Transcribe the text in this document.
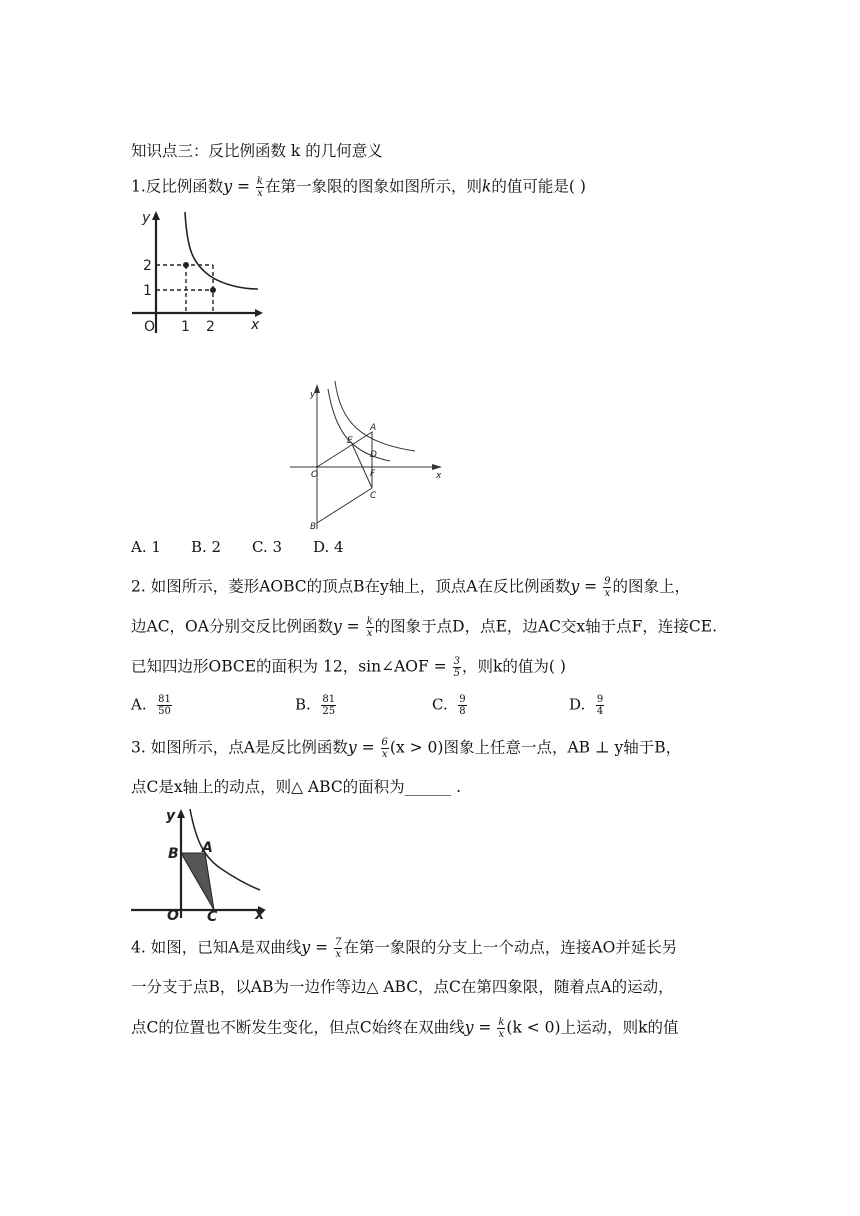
知识点三：反比例函数 k 的几何意义
1.反比例函数$y = \frac{k}{x}$ 在第一象限的图象如图所示，则k的值可能是( )
y
x
O
2
1
1 2
y
x
O
A
B
C
D
E
F
A. 1 B. 2 C. 3 D. 4
2. 如图所示，菱形AOBC的顶点B在y轴上，顶点A在反比例函数$y = \frac{9}{x}$ 的图象上，
边AC，OA分别交反比例函数$y = \frac{k}{x}$ 的图象于点D，点E，边AC交x轴于点F，连接CE.
已知四边形OBCE的面积为 12，sin∠AOF = $\frac{3}{5}$ ，则k的值为( )
A. $\frac{81}{50}$	B. $\frac{81}{25}$	C. $\frac{9}{8}$	D. $\frac{9}{4}$
3. 如图所示，点A是反比例函数$y = \frac{6}{x} (x > 0)$图象上任意一点，AB ⊥ y轴于B，
点C是x轴上的动点，则△ ABC的面积为______ .
y
x
O
B A
C
4. 如图，已知A是双曲线$y = \frac{7}{x}$ 在第一象限的分支上一个动点，连接AO并延长另
一分支于点B，以AB为一边作等边△ ABC，点C在第四象限，随着点A的运动，
点C的位置也不断发生变化，但点C始终在双曲线$y = \frac{k}{x} (k < 0)$上运动，则k的值
